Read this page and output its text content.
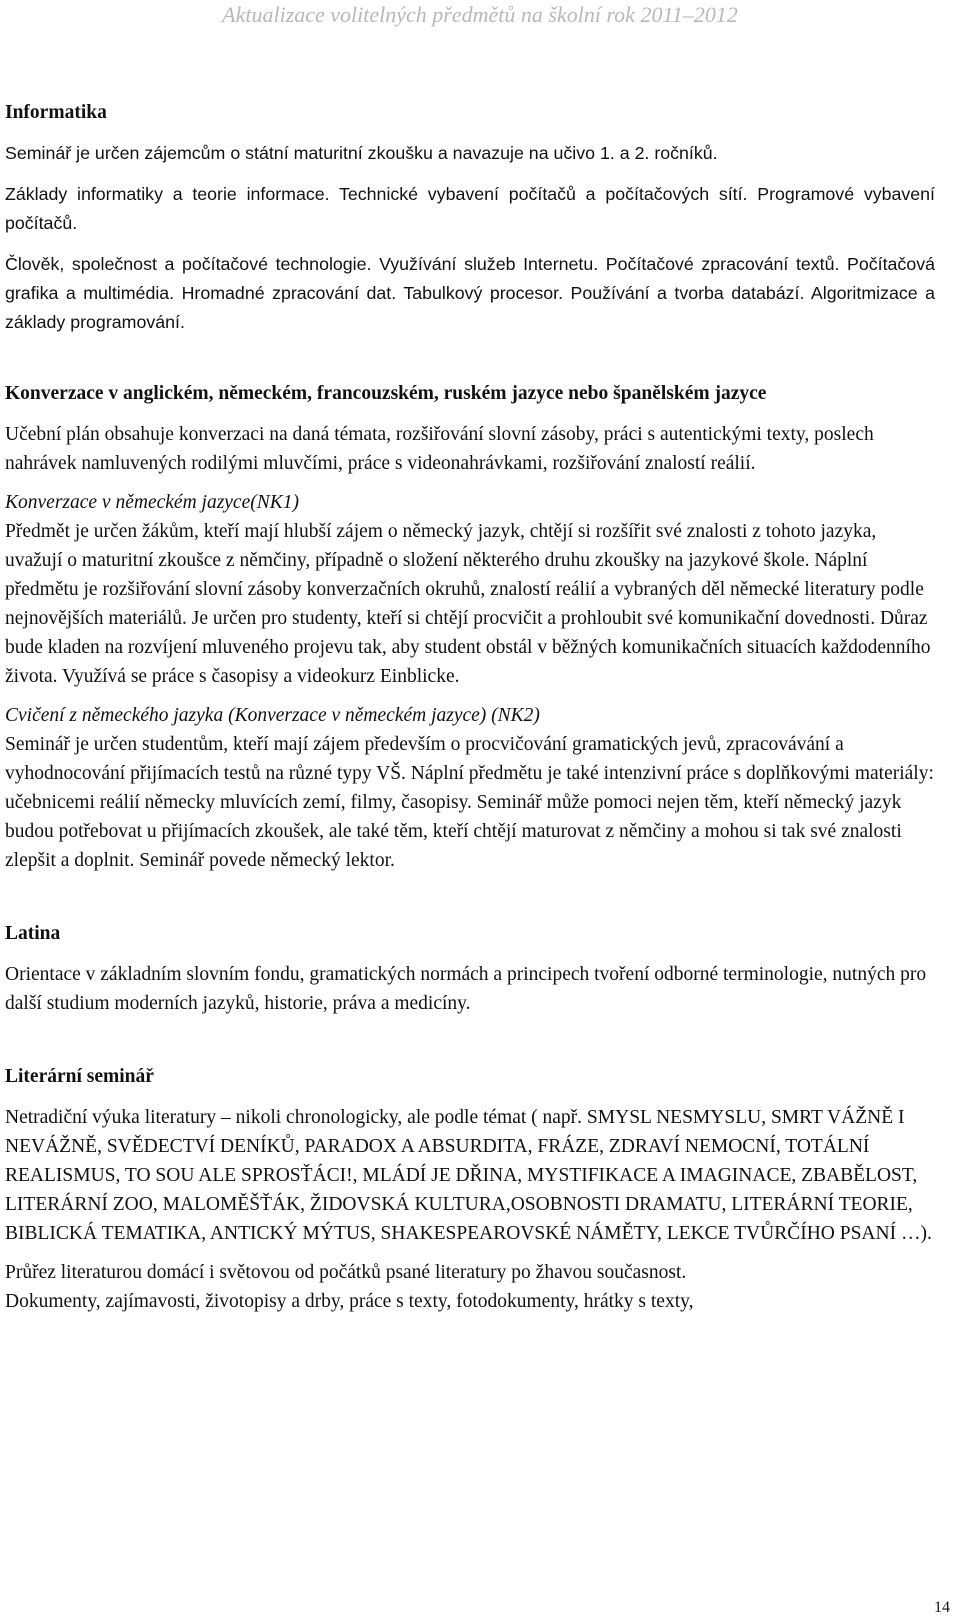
Aktualizace volitelných předmětů na školní rok 2011–2012

Informatika

Seminář je určen zájemcům o státní maturitní zkoušku a navazuje na učivo 1. a 2. ročníků.

Základy informatiky a teorie informace. Technické vybavení počítačů a počítačových sítí. Programové vybavení počítačů.

Člověk, společnost a počítačové technologie. Využívání služeb Internetu. Počítačové zpracování textů. Počítačová grafika a multimédia. Hromadné zpracování dat. Tabulkový procesor. Používání a tvorba databází. Algoritmizace a základy programování.

Konverzace v anglickém, německém, francouzském, ruském jazyce nebo španělském jazyce

Učební plán obsahuje konverzaci na daná témata, rozšiřování slovní zásoby, práci s autentickými texty, poslech nahrávek namluvených rodilými mluvčími, práce s videonahrávkami, rozšiřování znalostí reálií.

Konverzace v německém jazyce(NK1)

Předmět je určen žákům, kteří mají hlubší zájem o německý jazyk, chtějí si rozšířit své znalosti z tohoto jazyka, uvažují o maturitní zkoušce z němčiny, případně o složení některého druhu zkoušky na jazykové škole. Náplní předmětu je rozšiřování slovní zásoby konverzačních okruhů, znalostí reálií a vybraných děl německé literatury podle nejnovějších materiálů. Je určen pro studenty, kteří si chtějí procvičit a prohloubit své komunikační dovednosti. Důraz bude kladen na rozvíjení mluveného projevu tak, aby student obstál v běžných komunikačních situacích každodenního života. Využívá se práce s časopisy a videokurz Einblicke.

Cvičení z německého jazyka (Konverzace v německém jazyce) (NK2)

Seminář je určen studentům, kteří mají zájem především o procvičování gramatických jevů, zpracovávání a vyhodnocování přijímacích testů na různé typy VŠ. Náplní předmětu je také intenzivní práce s doplňkovými materiály: učebnicemi reálií německy mluvících zemí, filmy, časopisy. Seminář může pomoci nejen těm, kteří německý jazyk budou potřebovat u přijímacích zkoušek, ale také těm, kteří chtějí maturovat z němčiny a mohou si tak své znalosti zlepšit a doplnit. Seminář povede německý lektor.

Latina

Orientace v základním slovním fondu, gramatických normách a principech tvoření odborné terminologie, nutných pro další studium moderních jazyků, historie, práva a medicíny.

Literární seminář

Netradiční výuka literatury – nikoli chronologicky, ale podle témat ( např. SMYSL NESMYSLU, SMRT VÁŽNĚ I NEVÁŽNĚ, SVĚDECTVÍ DENÍKŮ, PARADOX A ABSURDITA, FRÁZE, ZDRAVÍ NEMOCNÍ, TOTÁLNÍ REALISMUS, TO SOU ALE SPROSŤÁCI!, MLÁDÍ JE DŘINA, MYSTIFIKACE A IMAGINACE, ZBABĚLOST, LITERÁRNÍ ZOO, MALOMĚŠŤÁK, ŽIDOVSKÁ KULTURA,OSOBNOSTI DRAMATU, LITERÁRNÍ TEORIE, BIBLICKÁ TEMATIKA, ANTICKÝ MÝTUS, SHAKESPEAROVSKÉ NÁMĚTY, LEKCE TVŮRČÍHO PSANÍ …).

Průřez literaturou domácí i světovou od počátků psané literatury po žhavou současnost.

Dokumenty, zajímavosti, životopisy a drby, práce s texty, fotodokumenty, hrátky s texty,

14
